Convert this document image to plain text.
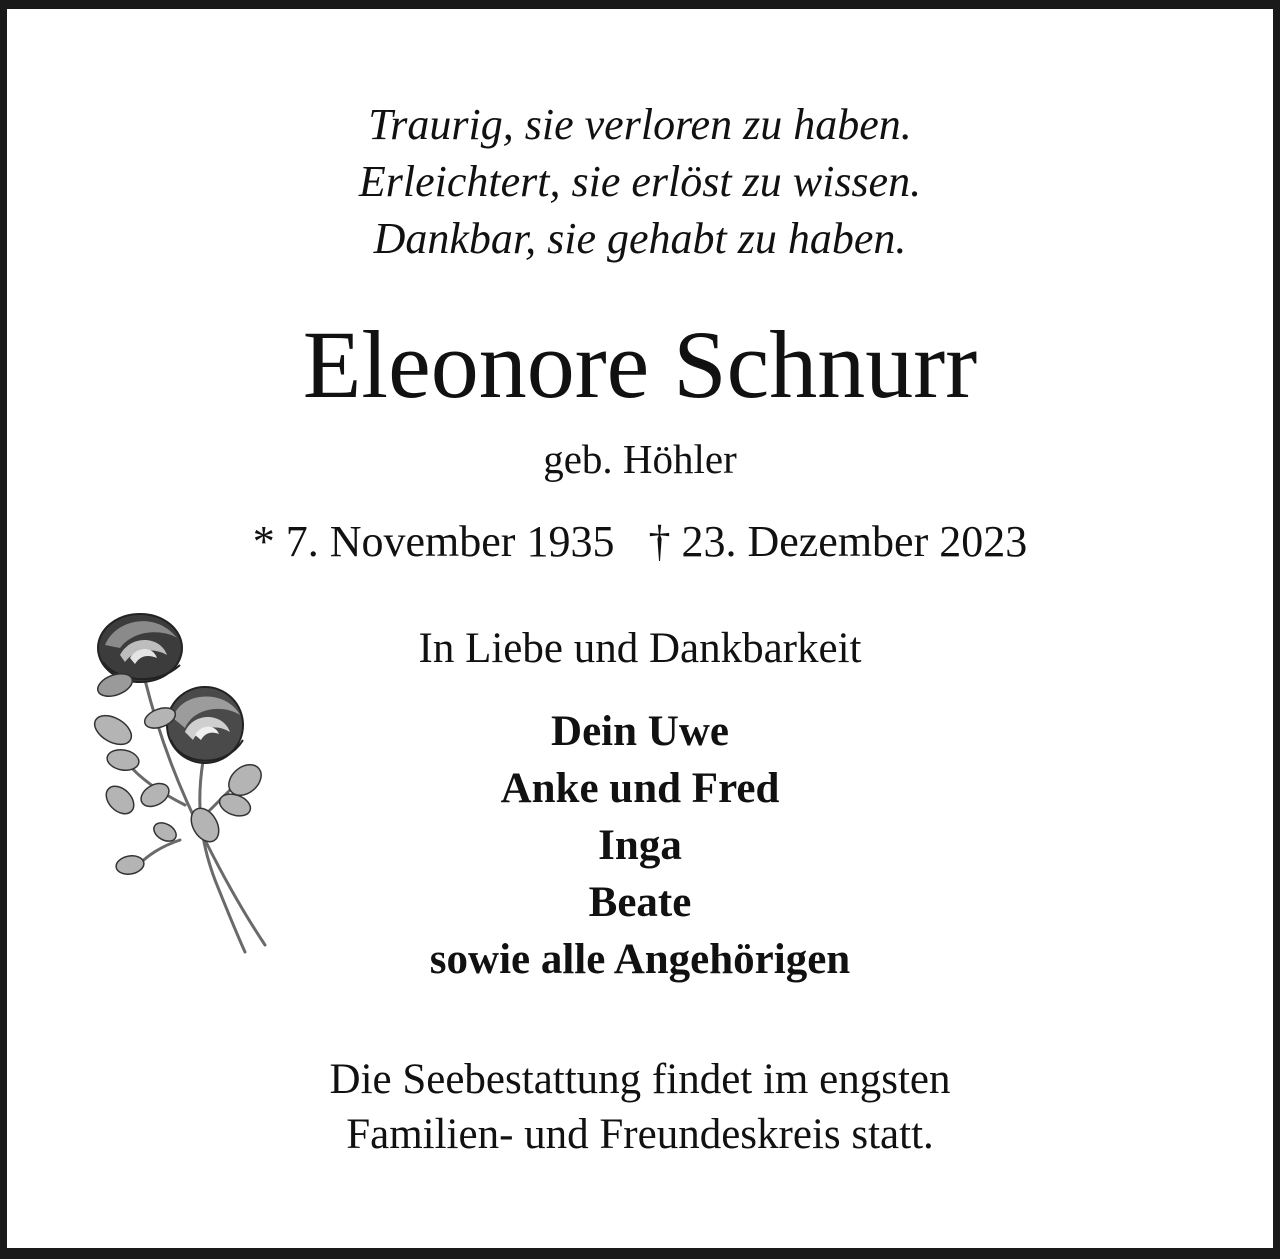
Traurig, sie verloren zu haben.
Erleichtert, sie erlöst zu wissen.
Dankbar, sie gehabt zu haben.
Eleonore Schnurr
geb. Höhler
* 7. November 1935 † 23. Dezember 2023
In Liebe und Dankbarkeit
Dein Uwe
Anke und Fred
Inga
Beate
sowie alle Angehörigen
Die Seebestattung findet im engsten
Familien- und Freundeskreis statt.
